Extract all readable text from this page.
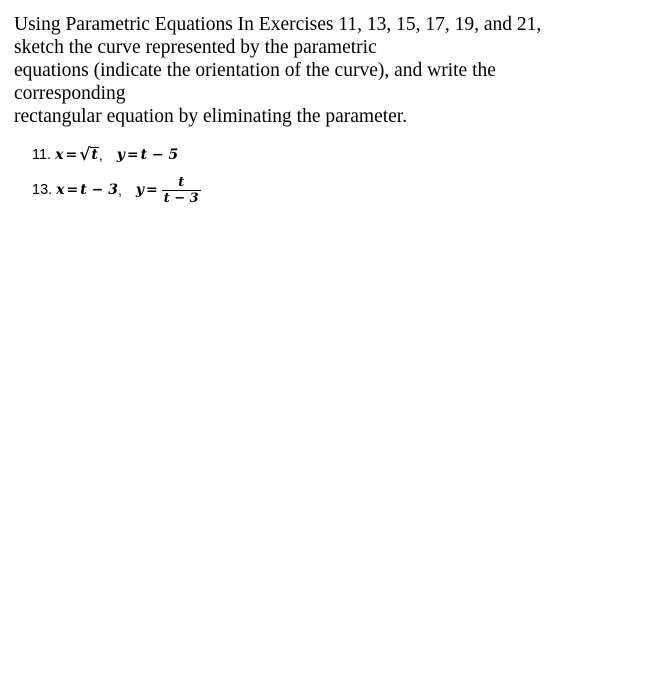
Using Parametric Equations In Exercises 11, 13, 15, 17, 19, and 21,
sketch the curve represented by the parametric
equations (indicate the orientation of the curve), and write the
corresponding
rectangular equation by eliminating the parameter.

11. x = √ t , y = t − 5
13. x = t − 3 , $y = \frac{t}{t - 3}$
